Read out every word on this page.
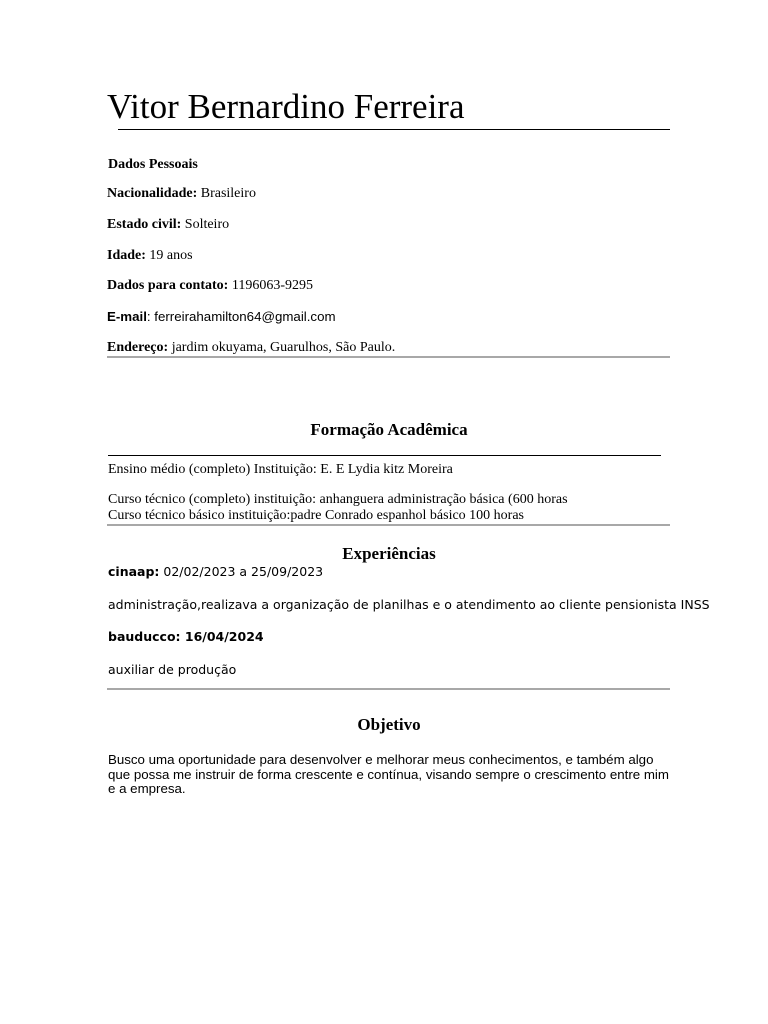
Vitor Bernardino Ferreira
Dados Pessoais
Nacionalidade: Brasileiro
Estado civil: Solteiro
Idade: 19 anos
Dados para contato: 1196063-9295
E-mail: ferreirahamilton64@gmail.com
Endereço: jardim okuyama, Guarulhos, São Paulo.
Formação Acadêmica
Ensino médio (completo) Instituição: E. E Lydia kitz Moreira
Curso técnico (completo) instituição: anhanguera administração básica (600 horas
Curso técnico básico instituição:padre Conrado espanhol básico 100 horas
Experiências
cinaap: 02/02/2023 a 25/09/2023
administração,realizava a organização de planilhas e o atendimento ao cliente pensionista INSS
bauducco: 16/04/2024
auxiliar de produção
Objetivo
Busco uma oportunidade para desenvolver e melhorar meus conhecimentos, e também algo que possa me instruir de forma crescente e contínua, visando sempre o crescimento entre mim e a empresa.
